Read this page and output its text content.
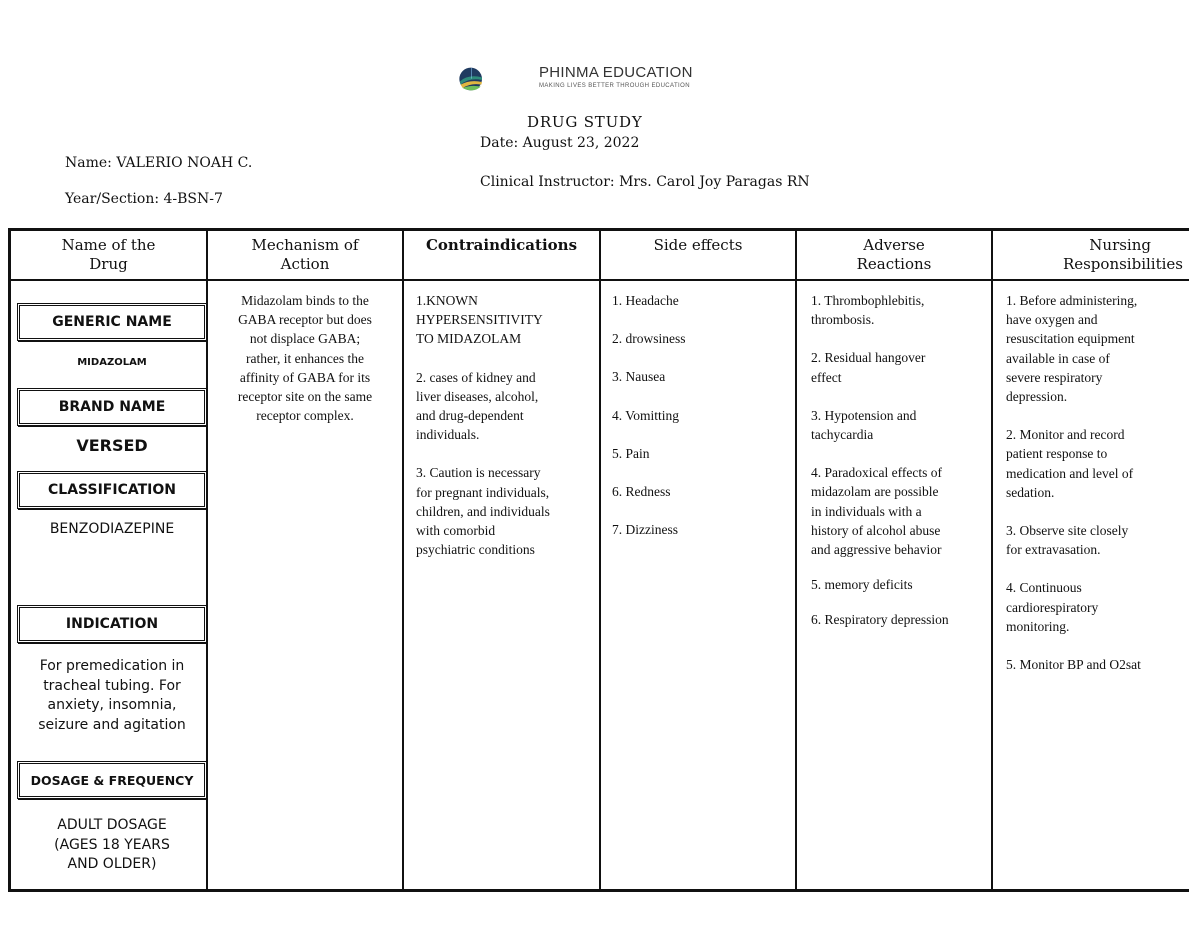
PHINMA EDUCATION
MAKING LIVES BETTER THROUGH EDUCATION
DRUG STUDY
Name: VALERIO NOAH C.
Date: August 23, 2022
Year/Section: 4-BSN-7
Clinical Instructor: Mrs. Carol Joy Paragas RN
Name of the
Drug
Mechanism of
Action
Contraindications	Side effects	Adverse
Reactions
Nursing
Responsibilities
GENERIC NAME
MIDAZOLAM
BRAND NAME
VERSED
CLASSIFICATION
BENZODIAZEPINE
INDICATION
For premedication in
tracheal tubing. For
anxiety, insomnia,
seizure and agitation
DOSAGE & FREQUENCY
ADULT DOSAGE
(AGES 18 YEARS
AND OLDER)
Midazolam binds to the
GABA receptor but does
not displace GABA;
rather, it enhances the
affinity of GABA for its
receptor site on the same
receptor complex.

1.KNOWN
HYPERSENSITIVITY
TO MIDAZOLAM

2. cases of kidney and
liver diseases, alcohol,
and drug-dependent
individuals.

3. Caution is necessary
for pregnant individuals,
children, and individuals
with comorbid
psychiatric conditions

1. Headache

2. drowsiness

3. Nausea

4. Vomitting

5. Pain

6. Redness

7. Dizziness

1. Thrombophlebitis,
thrombosis.

2. Residual hangover
effect

3. Hypotension and
tachycardia

4. Paradoxical effects of
midazolam are possible
in individuals with a
history of alcohol abuse
and aggressive behavior

5. memory deficits

6. Respiratory depression

1. Before administering,
have oxygen and
resuscitation equipment
available in case of
severe respiratory
depression.

2. Monitor and record
patient response to
medication and level of
sedation.

3. Observe site closely
for extravasation.

4. Continuous
cardiorespiratory
monitoring.

5. Monitor BP and O2sat
